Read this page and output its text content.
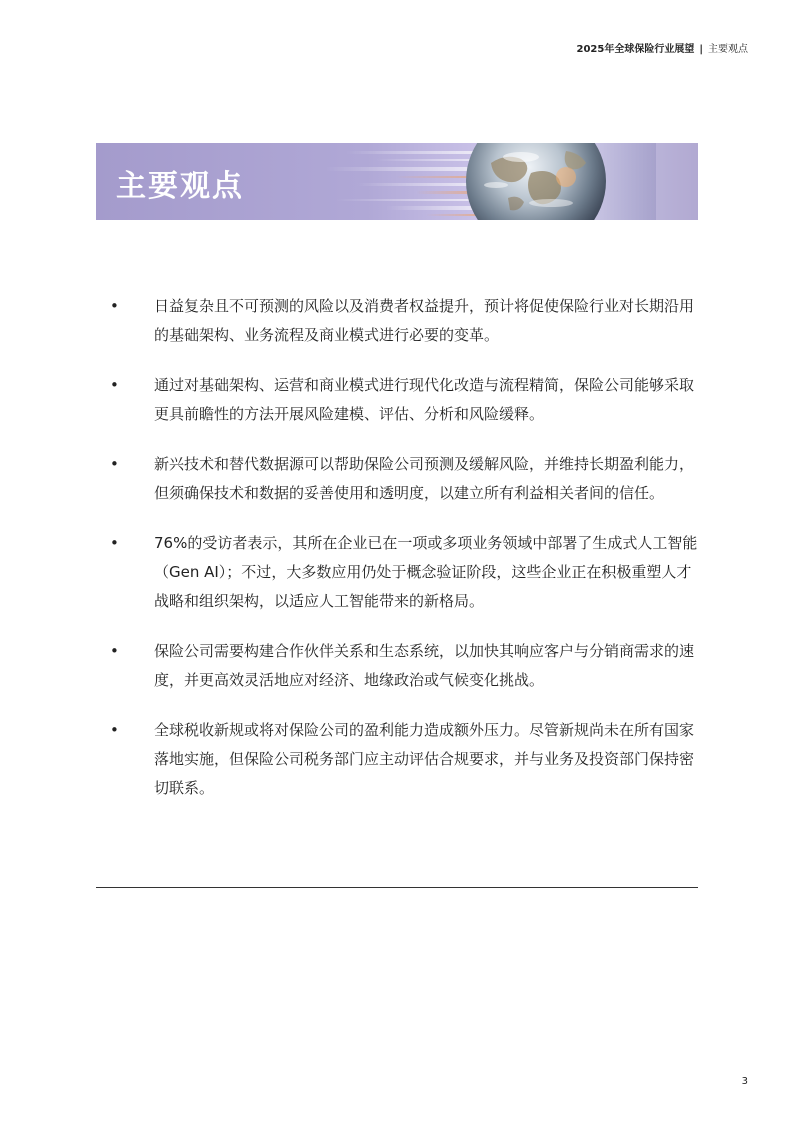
2025年全球保险行业展望 | 主要观点
主要观点
• 日益复杂且不可预测的风险以及消费者权益提升，预计将促使保险行业对长期沿用的基础架构、业务流程及商业模式进行必要的变革。
• 通过对基础架构、运营和商业模式进行现代化改造与流程精简，保险公司能够采取更具前瞻性的方法开展风险建模、评估、分析和风险缓释。
• 新兴技术和替代数据源可以帮助保险公司预测及缓解风险，并维持长期盈利能力，但须确保技术和数据的妥善使用和透明度，以建立所有利益相关者间的信任。
• 76%的受访者表示，其所在企业已在一项或多项业务领域中部署了生成式人工智能（Gen AI）；不过，大多数应用仍处于概念验证阶段，这些企业正在积极重塑人才战略和组织架构，以适应人工智能带来的新格局。
• 保险公司需要构建合作伙伴关系和生态系统，以加快其响应客户与分销商需求的速度，并更高效灵活地应对经济、地缘政治或气候变化挑战。
• 全球税收新规或将对保险公司的盈利能力造成额外压力。尽管新规尚未在所有国家落地实施，但保险公司税务部门应主动评估合规要求，并与业务及投资部门保持密切联系。
3
